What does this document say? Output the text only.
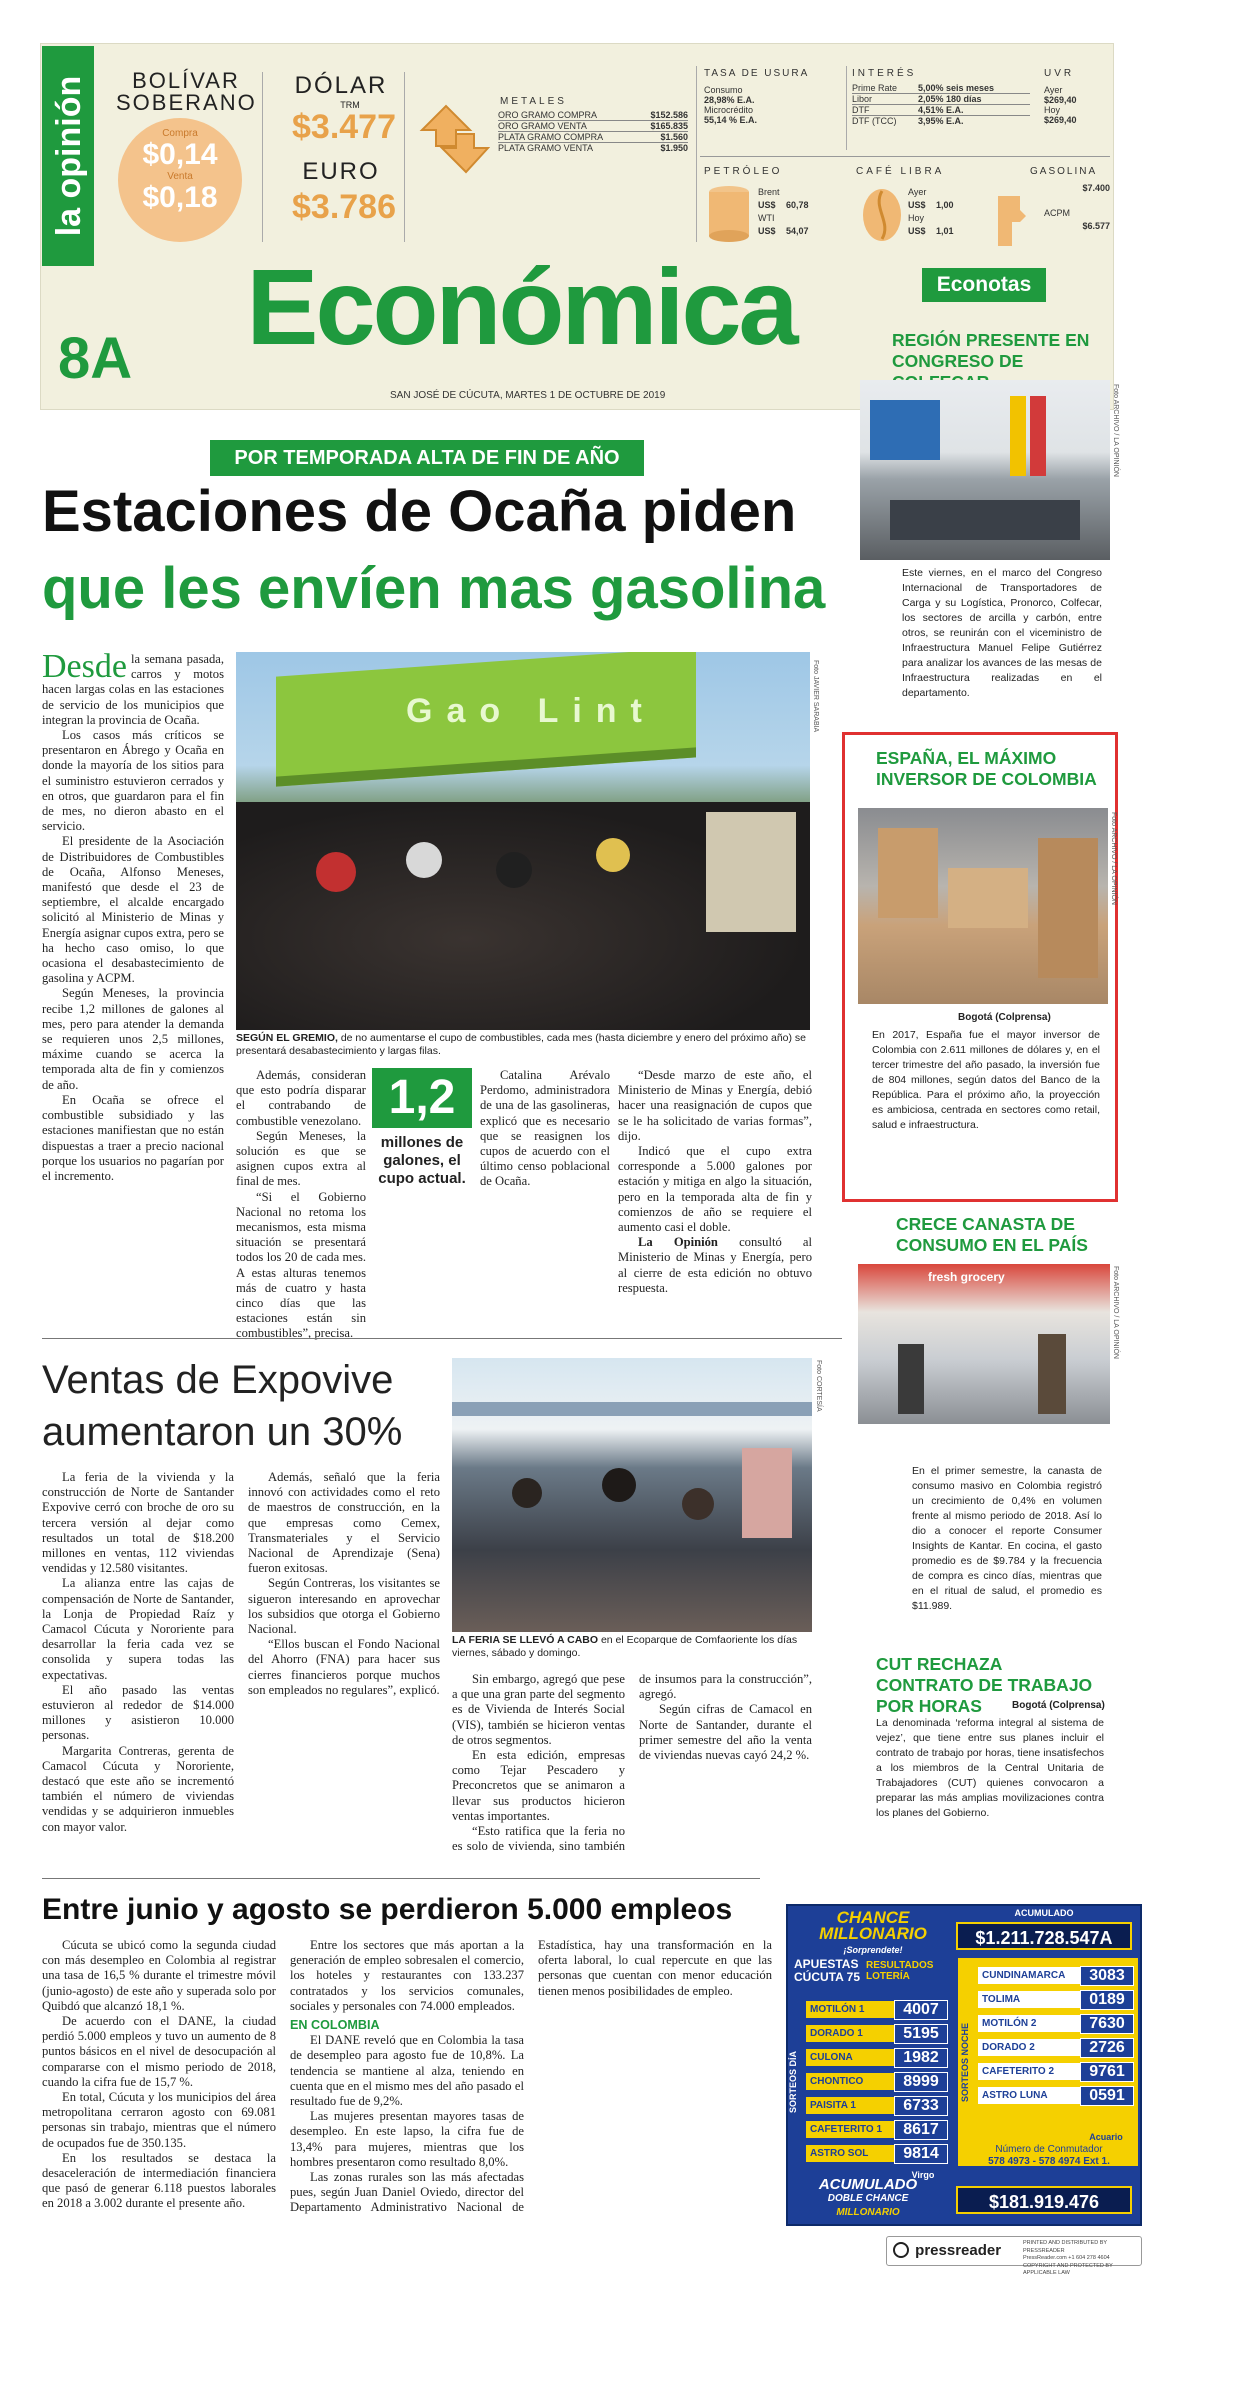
la opinión
8A
BOLÍVAR
SOBERANO
Compra
$0,14
Venta
$0,18
DÓLAR
TRM
$3.477
EURO
$3.786
METALES
ORO GRAMO COMPRA	$152.586
ORO GRAMO VENTA	$165.835
PLATA GRAMO COMPRA	$1.560
PLATA GRAMO VENTA	$1.950
TASA DE USURA
Consumo
28,98% E.A.
Microcrédito
55,14 % E.A.
INTERÉS
Prime Rate	5,00% seis meses
Libor	2,05% 180 días
DTF	4,51% E.A.
DTF (TCC)	3,95% E.A.
UVR
Ayer
$269,40
Hoy
$269,40
PETRÓLEO
Brent
US$ 60,78
WTI
US$ 54,07
CAFÉ LIBRA
Ayer
US$ 1,00
Hoy
US$ 1,01
GASOLINA
$7.400
ACPM
$6.577
Económica
SAN JOSÉ DE CÚCUTA, MARTES 1 DE OCTUBRE DE 2019
POR TEMPORADA ALTA DE FIN DE AÑO
Estaciones de Ocaña piden
que les envíen mas gasolina

Desde la semana pasada, carros y motos hacen largas colas en las estaciones de servicio de los municipios que integran la provincia de Ocaña.

Los casos más críticos se presentaron en Ábrego y Ocaña en donde la mayoría de los sitios para el suministro estuvieron cerrados y en otros, que guardaron para el fin de mes, no dieron abasto en el servicio.

El presidente de la Asociación de Distribuidores de Combustibles de Ocaña, Alfonso Meneses, manifestó que desde el 23 de septiembre, el alcalde encargado solicitó al Ministerio de Minas y Energía asignar cupos extra, pero se ha hecho caso omiso, lo que ocasiona el desabastecimiento de gasolina y ACPM.

Según Meneses, la provincia recibe 1,2 millones de galones al mes, pero para atender la demanda se requieren unos 2,5 millones, máxime cuando se acerca la temporada alta de fin y comienzos de año.

En Ocaña se ofrece el combustible subsidiado y las estaciones manifiestan que no están dispuestas a traer a precio nacional porque los usuarios no pagarían por el incremento.

Gao Lint	Foto JAVIER SARABIA
SEGÚN EL GREMIO, de no aumentarse el cupo de combustibles, cada mes (hasta diciembre y enero del próximo año) se presentará desabastecimiento y largas filas.

Además, consideran que esto podría disparar el contrabando de combustible venezolano.

Según Meneses, la solución es que se asignen cupos extra al final de mes.

“Si el Gobierno Nacional no retoma los mecanismos, esta misma situación se presentará todos los 20 de cada mes. A estas alturas tenemos más de cuatro y hasta cinco días que las estaciones están sin combustibles”, precisa.

1,2
millones de galones, el cupo actual.

Catalina Arévalo Perdomo, administradora de una de las gasolineras, explicó que es necesario que se reasignen los cupos de acuerdo con el último censo poblacional de Ocaña.

“Desde marzo de este año, el Ministerio de Minas y Energía, debió hacer una reasignación de cupos que se le ha solicitado de varias formas”, dijo.

Indicó que el cupo extra corresponde a 5.000 galones por estación y mitiga en algo la situación, pero en la temporada alta de fin y comienzos de año se requiere el aumento casi el doble.

La Opinión consultó al Ministerio de Minas y Energía, pero al cierre de esta edición no obtuvo respuesta.

Ventas de Expovive aumentaron un 30%
Foto CORTESÍA
LA FERIA SE LLEVÓ A CABO en el Ecoparque de Comfaoriente los días viernes, sábado y domingo.

La feria de la vivienda y la construcción de Norte de Santander Expovive cerró con broche de oro su tercera versión al dejar como resultados un total de $18.200 millones en ventas, 112 viviendas vendidas y 12.580 visitantes.

La alianza entre las cajas de compensación de Norte de Santander, la Lonja de Propiedad Raíz y Camacol Cúcuta y Nororiente para desarrollar la feria cada vez se consolida y supera todas las expectativas.

El año pasado las ventas estuvieron al rededor de $14.000 millones y asistieron 10.000 personas.

Margarita Contreras, gerenta de Camacol Cúcuta y Nororiente, destacó que este año se incrementó también el número de viviendas vendidas y se adquirieron inmuebles con mayor valor.

Además, señaló que la feria innovó con actividades como el reto de maestros de construcción, en la que empresas como Cemex, Transmateriales y el Servicio Nacional de Aprendizaje (Sena) fueron exitosas.

Según Contreras, los visitantes se sigueron interesando en aprovechar los subsidios que otorga el Gobierno Nacional.

“Ellos buscan el Fondo Nacional del Ahorro (FNA) para hacer sus cierres financieros porque muchos son empleados no regulares”, explicó.

Sin embargo, agregó que pese a que una gran parte del segmento es de Vivienda de Interés Social (VIS), también se hicieron ventas de otros segmentos.

En esta edición, empresas como Tejar Pescadero y Preconcretos que se animaron a llevar sus productos hicieron ventas importantes.

“Esto ratifica que la feria no es solo de vivienda, sino también de insumos para la construcción”, agregó.

Según cifras de Camacol en Norte de Santander, durante el primer semestre del año la venta de viviendas nuevas cayó 24,2 %.

Entre junio y agosto se perdieron 5.000 empleos

Cúcuta se ubicó como la segunda ciudad con más desempleo en Colombia al registrar una tasa de 16,5 % durante el trimestre móvil (junio-agosto) de este año y superada solo por Quibdó que alcanzó 18,1 %.

De acuerdo con el DANE, la ciudad perdió 5.000 empleos y tuvo un aumento de 8 puntos básicos en el nivel de desocupación al compararse con el mismo periodo de 2018, cuando la cifra fue de 15,7 %.

En total, Cúcuta y los municipios del área metropolitana cerraron agosto con 69.081 personas sin trabajo, mientras que el número de ocupados fue de 350.135.

En los resultados se destaca la desaceleración de intermediación financiera que pasó de generar 6.118 puestos laborales en 2018 a 3.002 durante el presente año.

Entre los sectores que más aportan a la generación de empleo sobresalen el comercio, los hoteles y restaurantes con 133.237 contratados y los servicios comunales, sociales y personales con 74.000 empleados.

EN COLOMBIA

El DANE reveló que en Colombia la tasa de desempleo para agosto fue de 10,8%. La tendencia se mantiene al alza, teniendo en cuenta que en el mismo mes del año pasado el resultado fue de 9,2%.

Las mujeres presentan mayores tasas de desempleo. En este lapso, la cifra fue de 13,4% para mujeres, mientras que los hombres presentaron como resultado 8,0%.

Las zonas rurales son las más afectadas pues, según Juan Daniel Oviedo, director del Departamento Administrativo Nacional de Estadística, hay una transformación en la oferta laboral, lo cual repercute en que las personas que cuentan con menor educación tienen menos posibilidades de empleo.

Econotas
REGIÓN PRESENTE EN CONGRESO DE
Foto ARCHIVO / LA OPINIÓN
Este viernes, en el marco del Congreso Internacional de Transportadores de Carga y su Logística, Pronorco, Colfecar, los sectores de arcilla y carbón, entre otros, se reunirán con el viceministro de Infraestructura Manuel Felipe Gutiérrez para analizar los avances de las mesas de Infraestructura realizadas en el departamento.
ESPAÑA, EL MÁXIMO INVERSOR DE COLOMBIA
Foto ARCHIVO / LA OPINIÓN
Bogotá (Colprensa)
En 2017, España fue el mayor inversor de Colombia con 2.611 millones de dólares y, en el tercer trimestre del año pasado, la inversión fue de 804 millones, según datos del Banco de la República. Para el próximo año, la proyección es ambiciosa, centrada en sectores como retail, salud e infraestructura.
CRECE CANASTA DE CONSUMO EN EL PAÍS
fresh grocery	Foto ARCHIVO / LA OPINIÓN
En el primer semestre, la canasta de consumo masivo en Colombia registró un crecimiento de 0,4% en volumen frente al mismo periodo de 2018. Así lo dio a conocer el reporte Consumer Insights de Kantar. En cocina, el gasto promedio es de $9.784 y la frecuencia de compra es cinco días, mientras que en el ritual de salud, el promedio es $11.989.
CUT RECHAZA CONTRATO DE TRABAJO POR HORAS	Bogotá (Colprensa)
La denominada ‘reforma integral al sistema de vejez’, que tiene entre sus planes incluir el contrato de trabajo por horas, tiene insatisfechos a los miembros de la Central Unitaria de Trabajadores (CUT) quienes convocaron a preparar las más amplias movilizaciones contra los planes del Gobierno.
CHANCE
MILLONARIO
¡Sorprendete!
ACUMULADO
$1.211.728.547A
APUESTAS CÚCUTA 75
RESULTADOS LOTERÍA
SORTEOS DÍA
MOTILÓN 1	4007
DORADO 1	5195
CULONA	1982
CHONTICO	8999
PAISITA 1	6733
CAFETERITO 1	8617
ASTRO SOL	9814
Virgo
SORTEOS NOCHE
CUNDINAMARCA	3083
TOLIMA	0189
MOTILÓN 2	7630
DORADO 2	2726
CAFETERITO 2	9761
ASTRO LUNA	0591
Acuario
Número de Conmutador
578 4973 - 578 4974 Ext 1.
ACUMULADO
DOBLE CHANCE
MILLONARIO
$181.919.476
pressreader	PRINTED AND DISTRIBUTED BY PRESSREADER
PressReader.com +1 604 278 4604
COPYRIGHT AND PROTECTED BY APPLICABLE LAW
